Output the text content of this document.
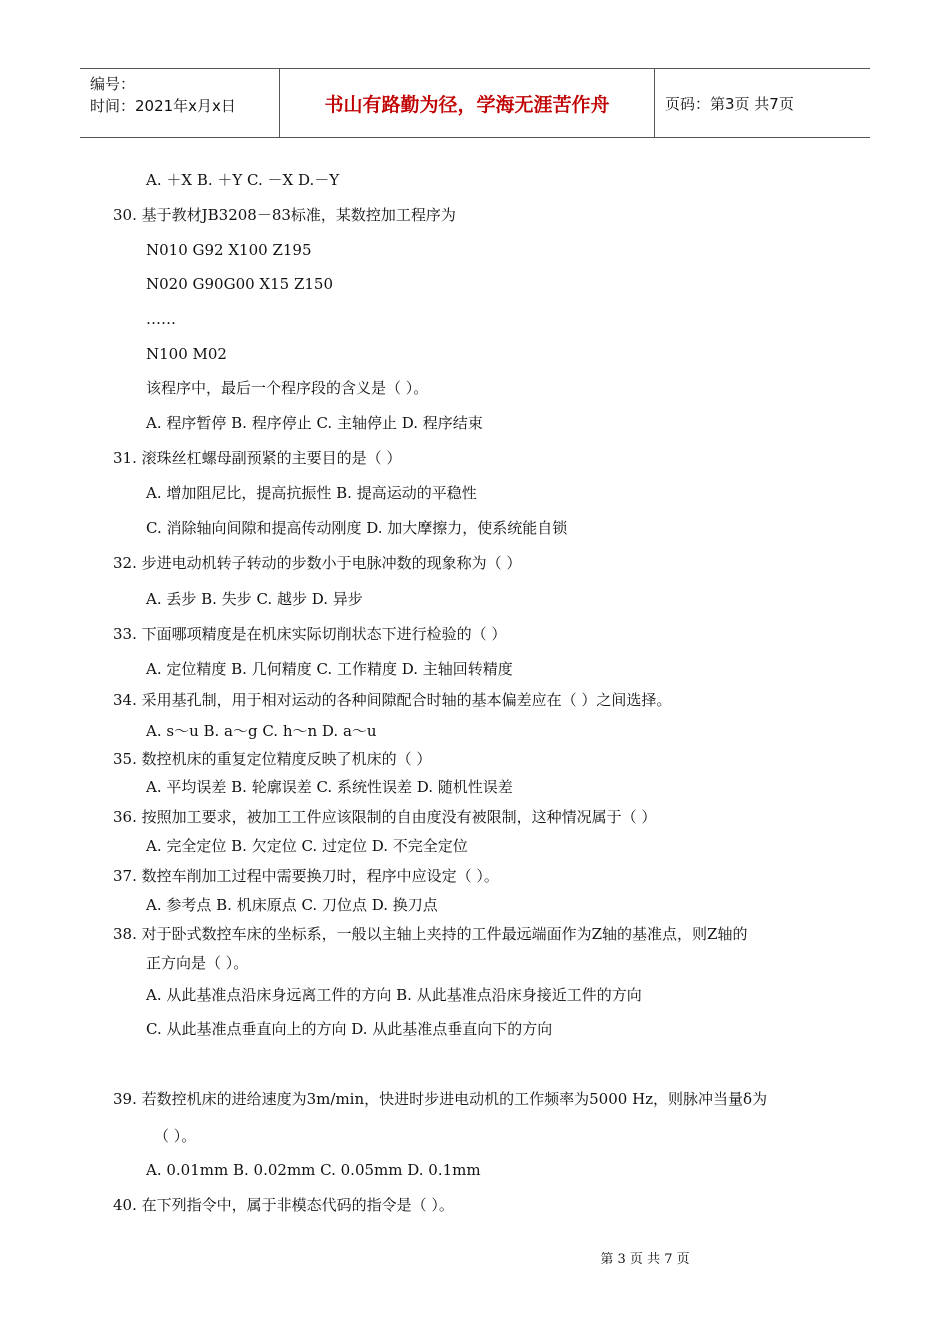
编号：
时间：2021年x月x日	书山有路勤为径，学海无涯苦作舟	页码：第3页 共7页
A. ＋X B. ＋Y C. －X D.－Y
30. 基于教材JB3208－83标准，某数控加工程序为
N010 G92 X100 Z195
N020 G90G00 X15 Z150
……
N100 M02
该程序中，最后一个程序段的含义是（ ）。
A. 程序暂停 B. 程序停止 C. 主轴停止 D. 程序结束
31. 滚珠丝杠螺母副预紧的主要目的是（ ）
A. 增加阻尼比，提高抗振性 B. 提高运动的平稳性
C. 消除轴向间隙和提高传动刚度 D. 加大摩擦力，使系统能自锁
32. 步进电动机转子转动的步数小于电脉冲数的现象称为（ ）
A. 丢步 B. 失步 C. 越步 D. 异步
33. 下面哪项精度是在机床实际切削状态下进行检验的（ ）
A. 定位精度 B. 几何精度 C. 工作精度 D. 主轴回转精度
34. 采用基孔制，用于相对运动的各种间隙配合时轴的基本偏差应在（ ）之间选择。
A. s～u B. a～g C. h～n D. a～u
35. 数控机床的重复定位精度反映了机床的（ ）
A. 平均误差 B. 轮廓误差 C. 系统性误差 D. 随机性误差
36. 按照加工要求，被加工工件应该限制的自由度没有被限制，这种情况属于（ ）
A. 完全定位 B. 欠定位 C. 过定位 D. 不完全定位
37. 数控车削加工过程中需要换刀时，程序中应设定（ ）。
A. 参考点 B. 机床原点 C. 刀位点 D. 换刀点
38. 对于卧式数控车床的坐标系，一般以主轴上夹持的工件最远端面作为Z轴的基准点，则Z轴的
正方向是（ ）。
A. 从此基准点沿床身远离工件的方向 B. 从此基准点沿床身接近工件的方向
C. 从此基准点垂直向上的方向 D. 从此基准点垂直向下的方向
39. 若数控机床的进给速度为3m/min，快进时步进电动机的工作频率为5000 Hz，则脉冲当量δ为
（ ）。
A. 0.01mm B. 0.02mm C. 0.05mm D. 0.1mm
40. 在下列指令中，属于非模态代码的指令是（ ）。
第 3 页 共 7 页
